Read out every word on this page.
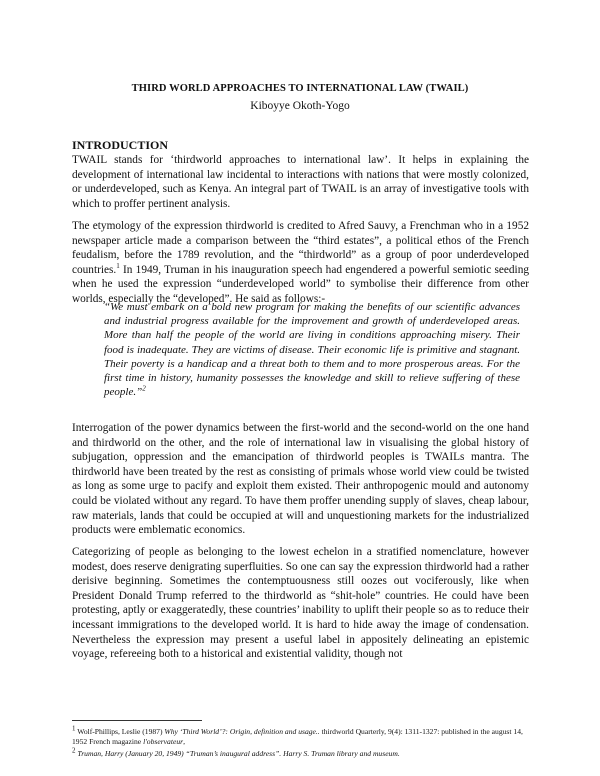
THIRD WORLD APPROACHES TO INTERNATIONAL LAW (TWAIL)
Kiboyye Okoth-Yogo
INTRODUCTION
TWAIL stands for ‘thirdworld approaches to international law’. It helps in explaining the development of international law incidental to interactions with nations that were mostly colonized, or underdeveloped, such as Kenya. An integral part of TWAIL is an array of investigative tools with which to proffer pertinent analysis.
The etymology of the expression thirdworld is credited to Afred Sauvy, a Frenchman who in a 1952 newspaper article made a comparison between the “third estates”, a political ethos of the French feudalism, before the 1789 revolution, and the “thirdworld” as a group of poor underdeveloped countries.$^1$ In 1949, Truman in his inauguration speech had engendered a powerful semiotic seeding when he used the expression “underdeveloped world” to symbolise their difference from other worlds, especially the “developed”. He said as follows:-
“We must embark on a bold new program for making the benefits of our scientific advances and industrial progress available for the improvement and growth of underdeveloped areas. More than half the people of the world are living in conditions approaching misery. Their food is inadequate. They are victims of disease. Their economic life is primitive and stagnant. Their poverty is a handicap and a threat both to them and to more prosperous areas. For the first time in history, humanity possesses the knowledge and skill to relieve suffering of these people.”$^2$
Interrogation of the power dynamics between the first-world and the second-world on the one hand and thirdworld on the other, and the role of international law in visualising the global history of subjugation, oppression and the emancipation of thirdworld peoples is TWAILs mantra. The thirdworld have been treated by the rest as consisting of primals whose world view could be twisted as long as some urge to pacify and exploit them existed. Their anthropogenic mould and autonomy could be violated without any regard. To have them proffer unending supply of slaves, cheap labour, raw materials, lands that could be occupied at will and unquestioning markets for the industrialized products were emblematic economics.
Categorizing of people as belonging to the lowest echelon in a stratified nomenclature, however modest, does reserve denigrating superfluities. So one can say the expression thirdworld had a rather derisive beginning. Sometimes the contemptuousness still oozes out vociferously, like when President Donald Trump referred to the thirdworld as “shit-hole” countries. He could have been protesting, aptly or exaggeratedly, these countries’ inability to uplift their people so as to reduce their incessant immigrations to the developed world. It is hard to hide away the image of condensation. Nevertheless the expression may present a useful label in appositely delineating an epistemic voyage, refereeing both to a historical and existential validity, though not
$^1$ Wolf-Phillips, Leslie (1987) Why ‘Third World’?: Origin, definition and usage.. thirdworld Quarterly, 9(4): 1311-1327: published in the august 14, 1952 French magazine l'observateur,
$^2$ Truman, Harry (January 20, 1949) “Truman’s inaugural address”. Harry S. Truman library and museum.
